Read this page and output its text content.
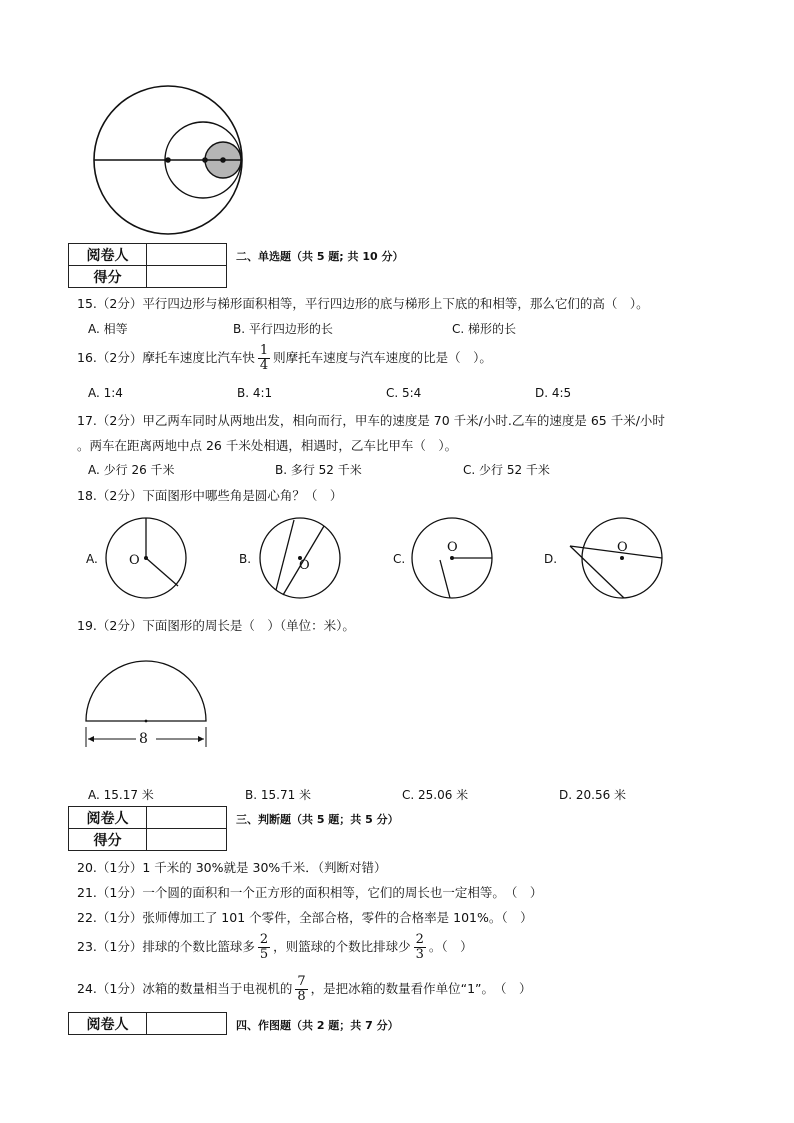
阅卷人	
得分	
二、单选题（共 5 题; 共 10 分）
15.（2分）平行四边形与梯形面积相等，平行四边形的底与梯形上下底的和相等，那么它们的高（　）。
A. 相等	B. 平行四边形的长	C. 梯形的长
16.（2分）摩托车速度比汽车快 $\frac{1}{4}$ 则摩托车速度与汽车速度的比是（　）。
A. 1:4	B. 4:1	C. 5:4	D. 4:5
17.（2分）甲乙两车同时从两地出发，相向而行，甲车的速度是 70 千米/小时.乙车的速度是 65 千米/小时
。两车在距离两地中点 26 千米处相遇，相遇时，乙车比甲车（　）。
A. 少行 26 千米	B. 多行 52 千米	C. 少行 52 千米
18.（2分）下面图形中哪些角是圆心角？（　）
A. O	B.	O	C.
O
D.
O
19.（2分）下面图形的周长是（　）（单位：米）。
8
A. 15.17 米	B. 15.71 米	C. 25.06 米	D. 20.56 米
阅卷人	
得分	
三、判断题（共 5 题；共 5 分）
20.（1分）1 千米的 30%就是 30%千米．（判断对错）
21.（1分）一个圆的面积和一个正方形的面积相等，它们的周长也一定相等。　（　）
22.（1分）张师傅加工了 101 个零件，全部合格，零件的合格率是 101%。（　）
23.（1分）排球的个数比篮球多 $\frac{2}{5}$ ，则篮球的个数比排球少 $\frac{2}{3}$ 。（　）
24.（1分）冰箱的数量相当于电视机的 $\frac{7}{8}$ ，是把冰箱的数量看作单位“1”。　（　）
阅卷人		四、作图题（共 2 题；共 7 分）
